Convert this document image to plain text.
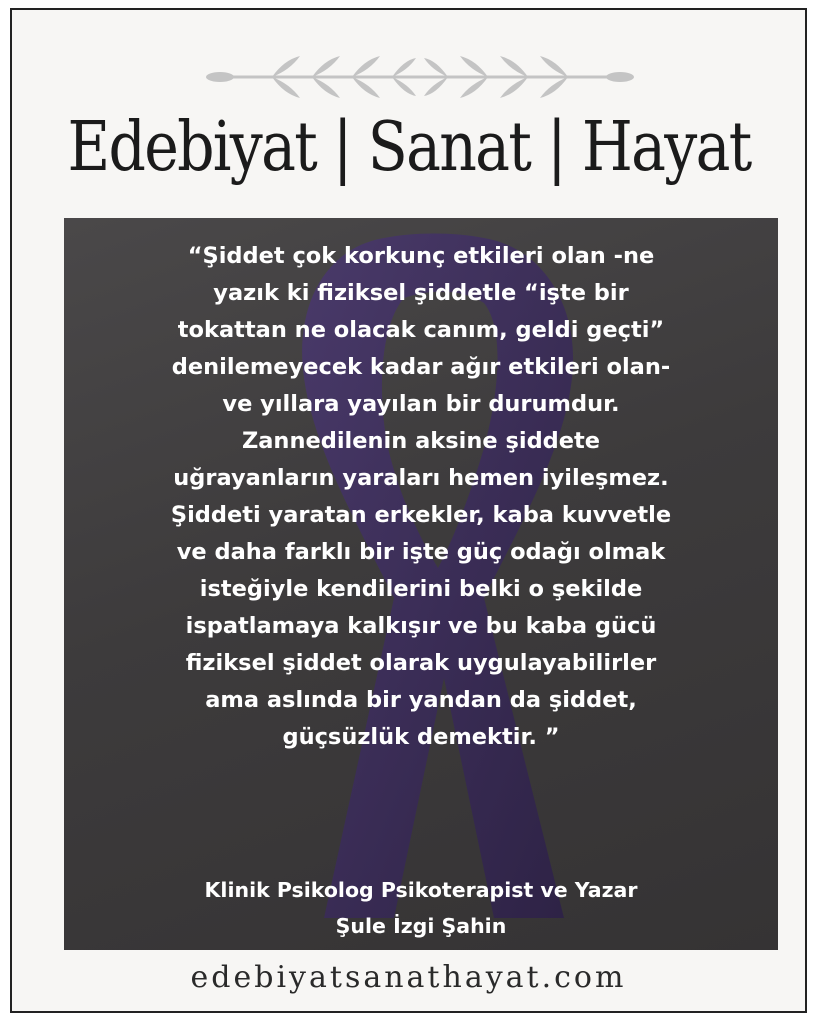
Edebiyat | Sanat | Hayat

“Şiddet çok korkunç etkileri olan -ne
yazık ki fiziksel şiddetle “işte bir
tokattan ne olacak canım, geldi geçti”
denilemeyecek kadar ağır etkileri olan-
ve yıllara yayılan bir durumdur.
Zannedilenin aksine şiddete
uğrayanların yaraları hemen iyileşmez.
Şiddeti yaratan erkekler, kaba kuvvetle
ve daha farklı bir işte güç odağı olmak
isteğiyle kendilerini belki o şekilde
ispatlamaya kalkışır ve bu kaba gücü
fiziksel şiddet olarak uygulayabilirler
ama aslında bir yandan da şiddet,
güçsüzlük demektir. ”

Klinik Psikolog Psikoterapist ve Yazar
Şule İzgi Şahin
edebiyatsanathayat.com
